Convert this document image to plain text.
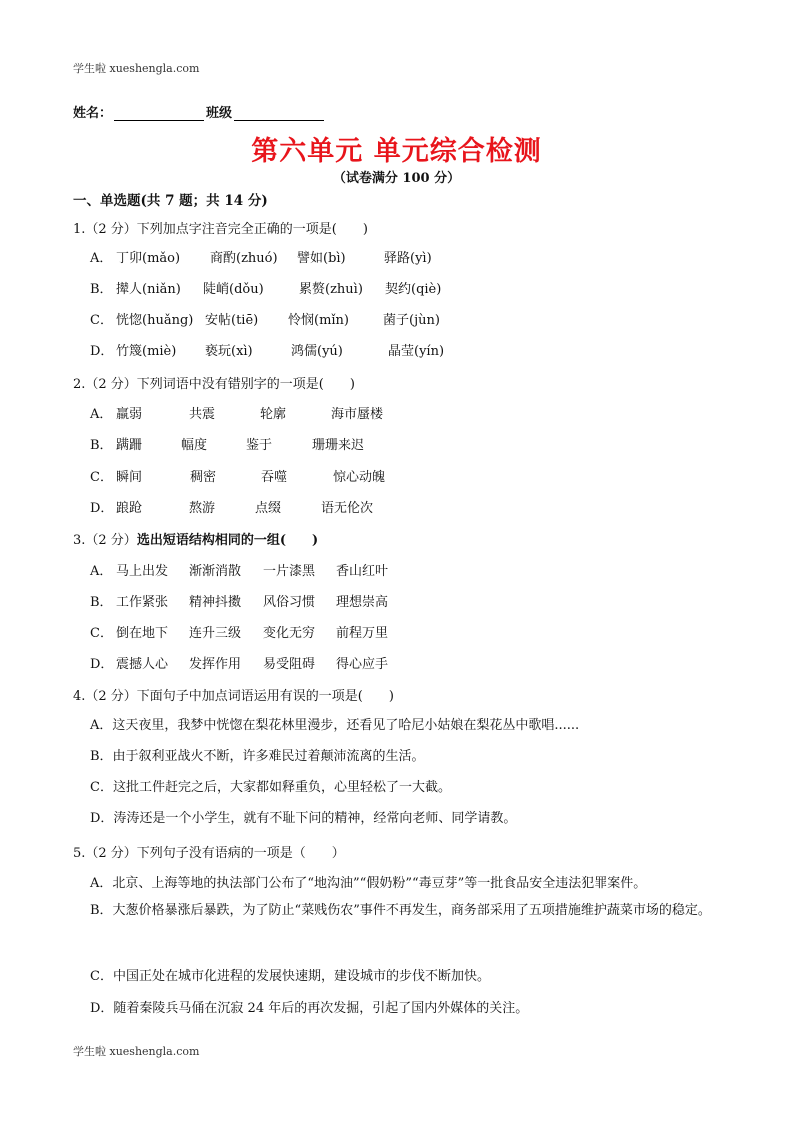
学生啦 xueshengla.com
姓名：	班级
第六单元 单元综合检测
（试卷满分 100 分）
一、单选题(共 7 题；共 14 分)
1.（2 分）下列加点字注音完全正确的一项是(　　)
A． 丁卯(mǎo) 商酌(zhuó) 譬如(bì)	驿路(yì)
B． 撵人(niǎn) 陡峭(dǒu)	累赘(zhuì) 契约(qiè)
C． 恍惚(huǎng) 安帖(tiē) 怜悯(mǐn)	菌子(jùn)
D． 竹篾(miè) 亵玩(xì)	鸿儒(yú)	晶莹(yín)
2.（2 分）下列词语中没有错别字的一项是(　　)
A． 羸弱	共震	轮廓	海市蜃楼
B． 蹒跚	幅度	鉴于	珊珊来迟
C． 瞬间	稠密	吞噬	惊心动魄
D． 踉跄	熬游	点缀	语无伦次
3.（2 分）选出短语结构相同的一组(　　)
A． 马上出发 渐渐消散 一片漆黑 香山红叶
B． 工作紧张 精神抖擞 风俗习惯 理想崇高
C． 倒在地下 连升三级 变化无穷 前程万里
D． 震撼人心 发挥作用 易受阻碍 得心应手
4.（2 分）下面句子中加点词语运用有误的一项是(　　)
A．这天夜里，我梦中恍惚在梨花林里漫步，还看见了哈尼小姑娘在梨花丛中歌唱......
B．由于叙利亚战火不断，许多难民过着颠沛流离的生活。
C．这批工件赶完之后，大家都如释重负，心里轻松了一大截。
D．涛涛还是一个小学生，就有不耻下问的精神，经常向老师、同学请教。
5.（2 分）下列句子没有语病的一项是（　　）
A．北京、上海等地的执法部门公布了“地沟油”“假奶粉”“毒豆芽”等一批食品安全违法犯罪案件。
B．大葱价格暴涨后暴跌，为了防止“菜贱伤农”事件不再发生，商务部采用了五项措施维护蔬菜市场的稳定。
C．中国正处在城市化进程的发展快速期，建设城市的步伐不断加快。
D．随着秦陵兵马俑在沉寂 24 年后的再次发掘，引起了国内外媒体的关注。
学生啦 xueshengla.com
